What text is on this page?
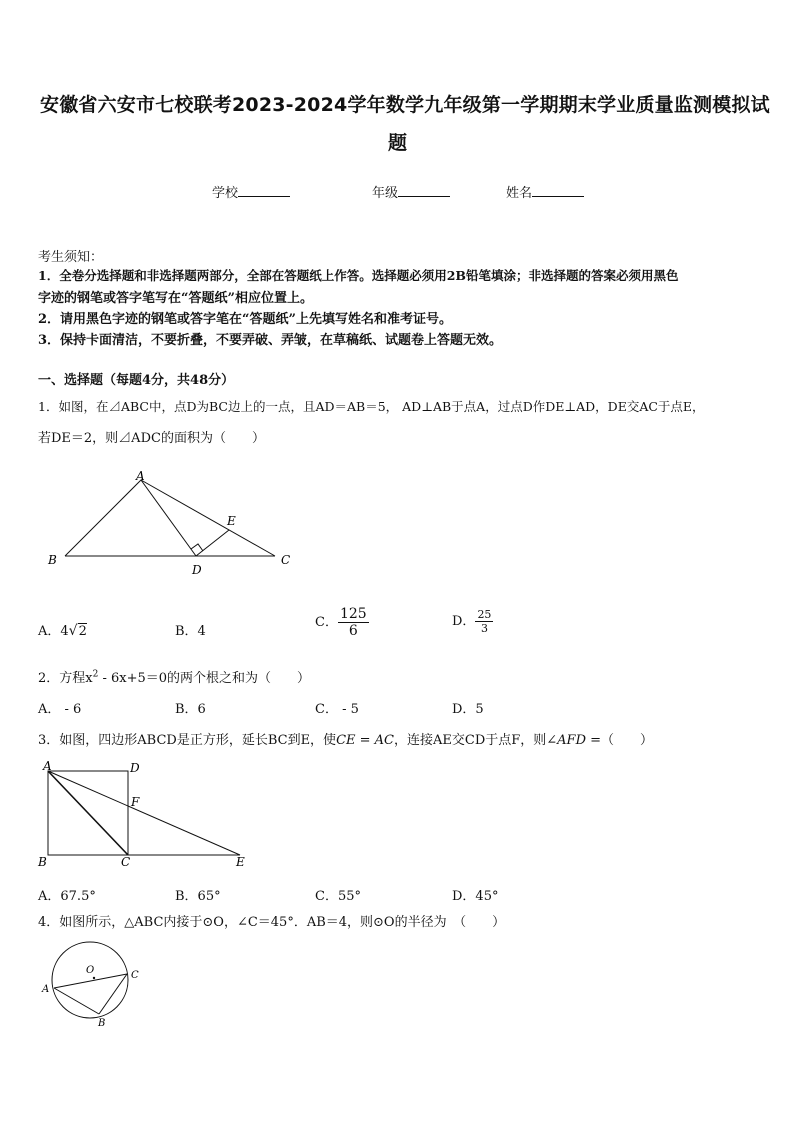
安徽省六安市七校联考2023-2024学年数学九年级第一学期期末学业质量监测模拟试
题
学校	年级	姓名
考生须知：
1．全卷分选择题和非选择题两部分，全部在答题纸上作答。选择题必须用2B铅笔填涂；非选择题的答案必须用黑色
字迹的钢笔或答字笔写在“答题纸”相应位置上。
2．请用黑色字迹的钢笔或答字笔在“答题纸”上先填写姓名和准考证号。
3．保持卡面清洁，不要折叠，不要弄破、弄皱，在草稿纸、试题卷上答题无效。
一、选择题（每题4分，共48分）
1．如图，在⊿ABC中，点D为BC边上的一点，且AD＝AB＝5， AD⊥AB于点A，过点D作DE⊥AD，DE交AC于点E，
若DE＝2，则⊿ADC的面积为（　　）
A
B	C
D
E
A．4√2	B．4
C． $\frac{125}{6}$	D． $\frac{25}{3}$
2．方程$x^2 - 6x+5=0$的两个根之和为（　　）
A． - 6	B．6	C． - 5	D．5
3．如图，四边形ABCD是正方形，延长BC到E，使CE = AC，连接AE交CD于点F，则∠AFD =（　　）
A	D
F
B	C	E
A．67.5°	B．65°	C．55°	D．45°
4．如图所示，△ABC内接于⊙O，∠C＝45°．AB＝4，则⊙O的半径为　（　　）
O
A
B
C
